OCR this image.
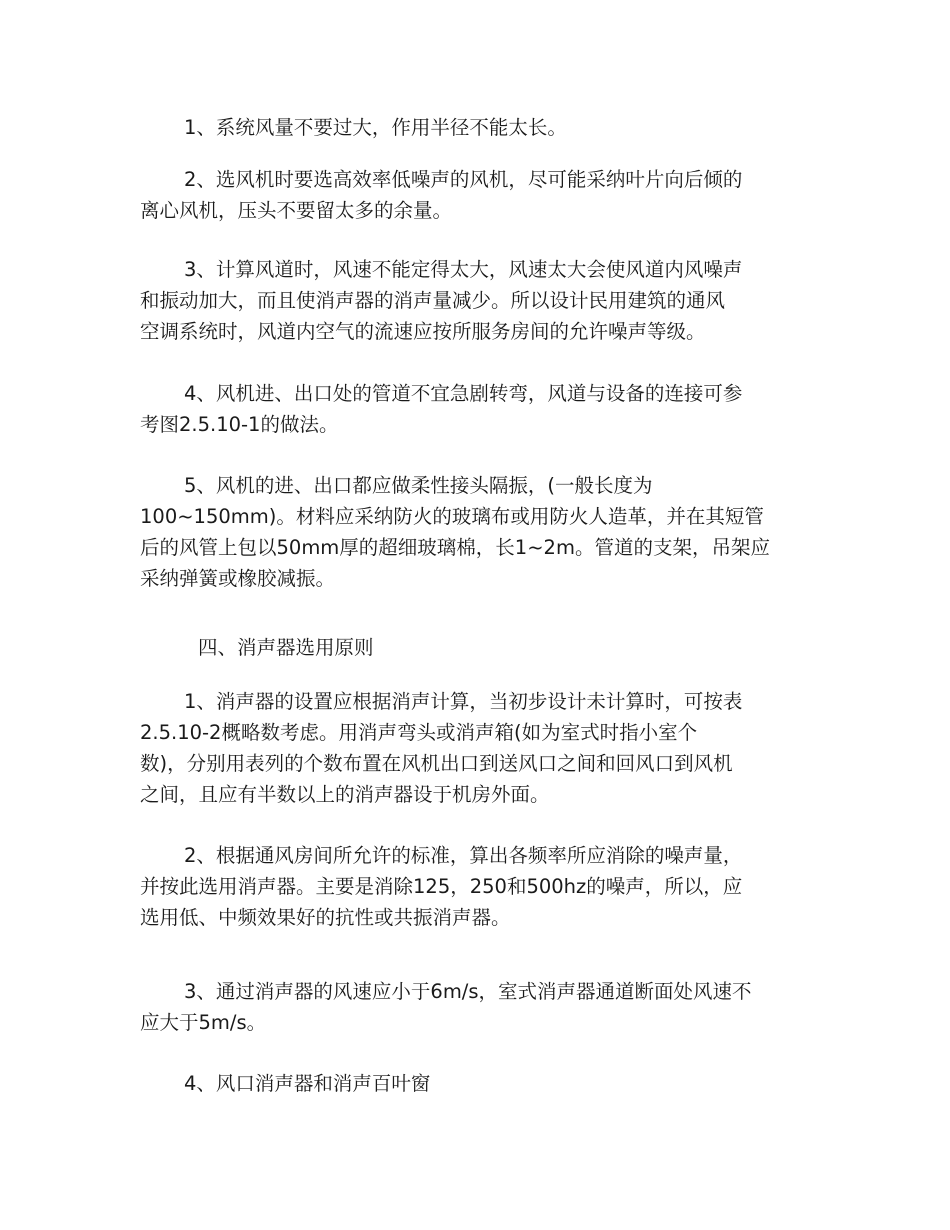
1、系统风量不要过大，作用半径不能太长。
2、选风机时要选高效率低噪声的风机，尽可能采纳叶片向后倾的
离心风机，压头不要留太多的余量。
3、计算风道时，风速不能定得太大，风速太大会使风道内风噪声
和振动加大，而且使消声器的消声量减少。所以设计民用建筑的通风
空调系统时，风道内空气的流速应按所服务房间的允许噪声等级。
4、风机进、出口处的管道不宜急剧转弯，风道与设备的连接可参
考图2.5.10-1的做法。
5、风机的进、出口都应做柔性接头隔振，(一般长度为
100~150mm)。材料应采纳防火的玻璃布或用防火人造革，并在其短管
后的风管上包以50mm厚的超细玻璃棉，长1~2m。管道的支架，吊架应
采纳弹簧或橡胶减振。
四、消声器选用原则
1、消声器的设置应根据消声计算，当初步设计未计算时，可按表
2.5.10-2概略数考虑。用消声弯头或消声箱(如为室式时指小室个
数)，分别用表列的个数布置在风机出口到送风口之间和回风口到风机
之间，且应有半数以上的消声器设于机房外面。
2、根据通风房间所允许的标准，算出各频率所应消除的噪声量，
并按此选用消声器。主要是消除125，250和500hz的噪声，所以，应
选用低、中频效果好的抗性或共振消声器。
3、通过消声器的风速应小于6m/s，室式消声器通道断面处风速不
应大于5m/s。
4、风口消声器和消声百叶窗
